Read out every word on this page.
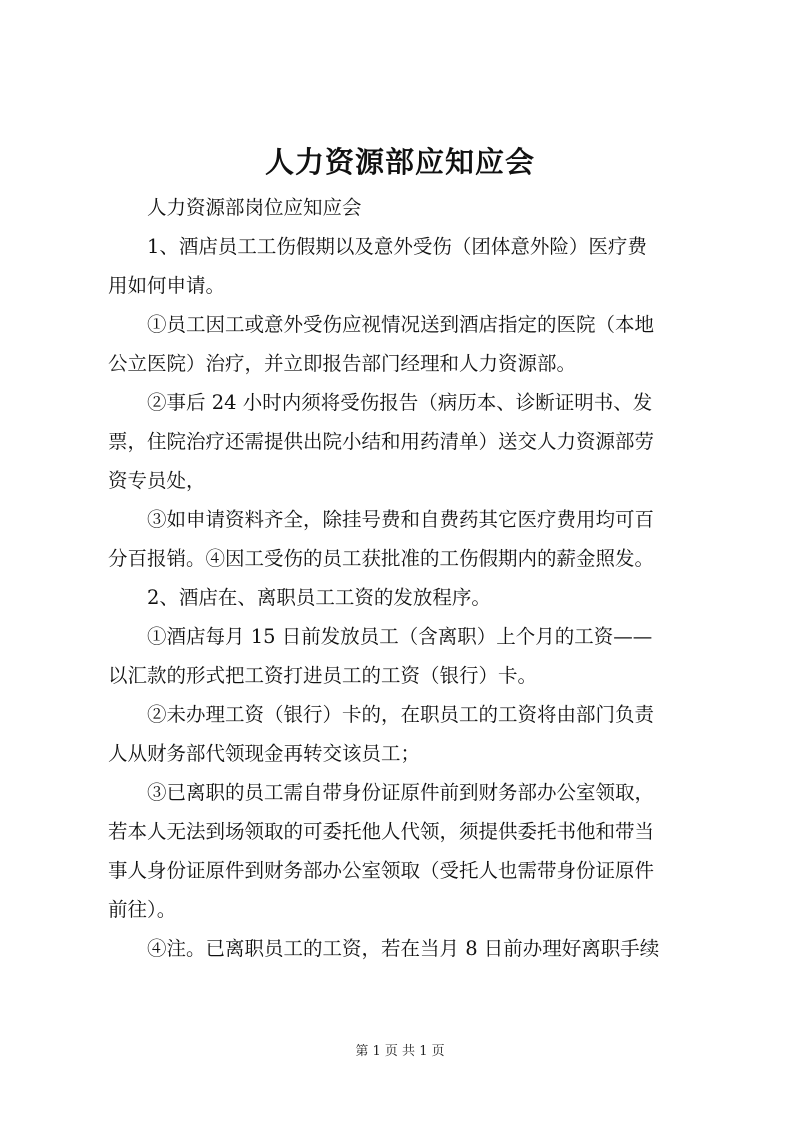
人力资源部应知应会
人力资源部岗位应知应会
1、酒店员工工伤假期以及意外受伤（团体意外险）医疗费
用如何申请。
①员工因工或意外受伤应视情况送到酒店指定的医院（本地
公立医院）治疗，并立即报告部门经理和人力资源部。
②事后 24 小时内须将受伤报告（病历本、诊断证明书、发
票，住院治疗还需提供出院小结和用药清单）送交人力资源部劳
资专员处，
③如申请资料齐全，除挂号费和自费药其它医疗费用均可百
分百报销。④因工受伤的员工获批准的工伤假期内的薪金照发。
2、酒店在、离职员工工资的发放程序。
①酒店每月 15 日前发放员工（含离职）上个月的工资——
以汇款的形式把工资打进员工的工资（银行）卡。
②未办理工资（银行）卡的，在职员工的工资将由部门负责
人从财务部代领现金再转交该员工；
③已离职的员工需自带身份证原件前到财务部办公室领取，
若本人无法到场领取的可委托他人代领，须提供委托书他和带当
事人身份证原件到财务部办公室领取（受托人也需带身份证原件
前往）。
④注。已离职员工的工资，若在当月 8 日前办理好离职手续
第 1 页 共 1 页
